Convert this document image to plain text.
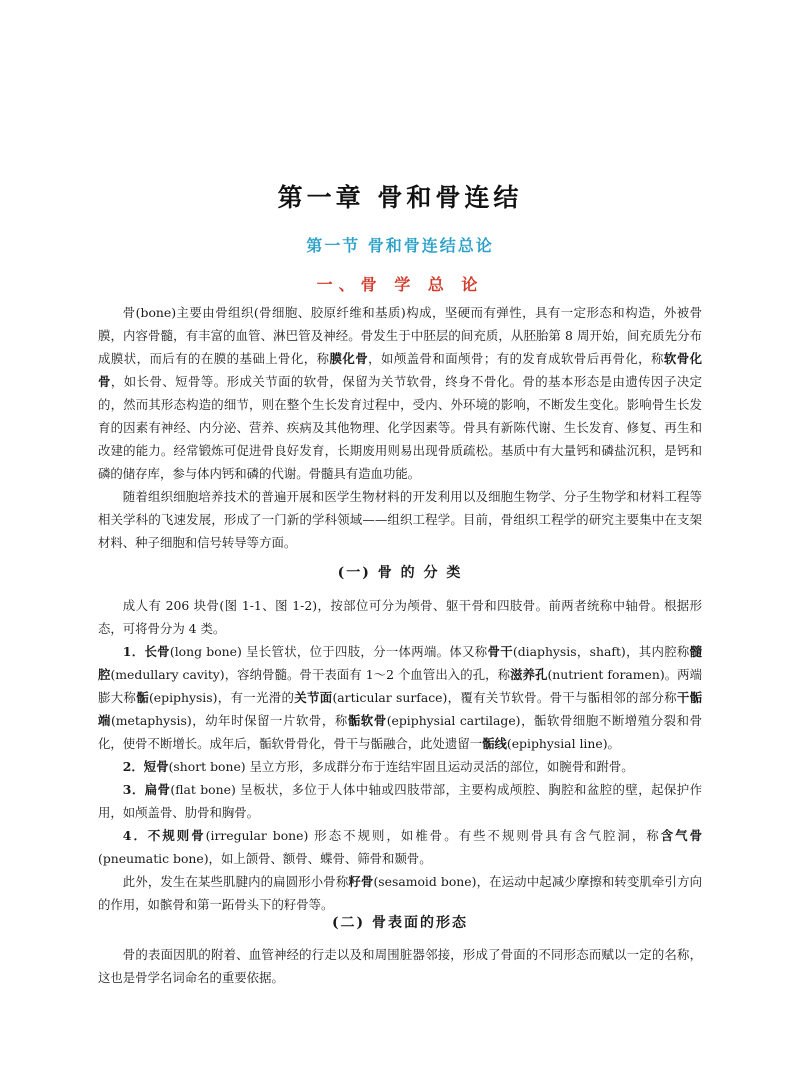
第一章 骨和骨连结
第一节 骨和骨连结总论
一、骨 学 总 论

骨(bone)主要由骨组织(骨细胞、胶原纤维和基质)构成，坚硬而有弹性，具有一定形态和构造，外被骨膜，内容骨髓，有丰富的血管、淋巴管及神经。骨发生于中胚层的间充质，从胚胎第 8 周开始，间充质先分布成膜状，而后有的在膜的基础上骨化，称膜化骨，如颅盖骨和面颅骨；有的发育成软骨后再骨化，称软骨化骨，如长骨、短骨等。形成关节面的软骨，保留为关节软骨，终身不骨化。骨的基本形态是由遗传因子决定的，然而其形态构造的细节，则在整个生长发育过程中，受内、外环境的影响，不断发生变化。影响骨生长发育的因素有神经、内分泌、营养、疾病及其他物理、化学因素等。骨具有新陈代谢、生长发育、修复、再生和改建的能力。经常锻炼可促进骨良好发育，长期废用则易出现骨质疏松。基质中有大量钙和磷盐沉积，是钙和磷的储存库，参与体内钙和磷的代谢。骨髓具有造血功能。

随着组织细胞培养技术的普遍开展和医学生物材料的开发利用以及细胞生物学、分子生物学和材料工程等相关学科的飞速发展，形成了一门新的学科领域——组织工程学。目前，骨组织工程学的研究主要集中在支架材料、种子细胞和信号转导等方面。

(一) 骨 的 分 类

成人有 206 块骨(图 1-1、图 1-2)，按部位可分为颅骨、躯干骨和四肢骨。前两者统称中轴骨。根据形态，可将骨分为 4 类。

1．长骨(long bone) 呈长管状，位于四肢，分一体两端。体又称骨干(diaphysis，shaft)，其内腔称髓腔(medullary cavity)，容纳骨髓。骨干表面有 1～2 个血管出入的孔，称滋养孔(nutrient foramen)。两端膨大称骺(epiphysis)，有一光滑的关节面(articular surface)，覆有关节软骨。骨干与骺相邻的部分称干骺端(metaphysis)，幼年时保留一片软骨，称骺软骨(epiphysial cartilage)，骺软骨细胞不断增殖分裂和骨化，使骨不断增长。成年后，骺软骨骨化，骨干与骺融合，此处遗留一骺线(epiphysial line)。

2．短骨(short bone) 呈立方形，多成群分布于连结牢固且运动灵活的部位，如腕骨和跗骨。

3．扁骨(flat bone) 呈板状，多位于人体中轴或四肢带部，主要构成颅腔、胸腔和盆腔的壁，起保护作用，如颅盖骨、肋骨和胸骨。

4．不规则骨(irregular bone) 形态不规则，如椎骨。有些不规则骨具有含气腔洞，称含气骨(pneumatic bone)，如上颌骨、额骨、蝶骨、筛骨和颞骨。

此外，发生在某些肌腱内的扁圆形小骨称籽骨(sesamoid bone)，在运动中起减少摩擦和转变肌牵引方向的作用，如髌骨和第一跖骨头下的籽骨等。

(二) 骨表面的形态

骨的表面因肌的附着、血管神经的行走以及和周围脏器邻接，形成了骨面的不同形态而赋以一定的名称，这也是骨学名词命名的重要依据。
